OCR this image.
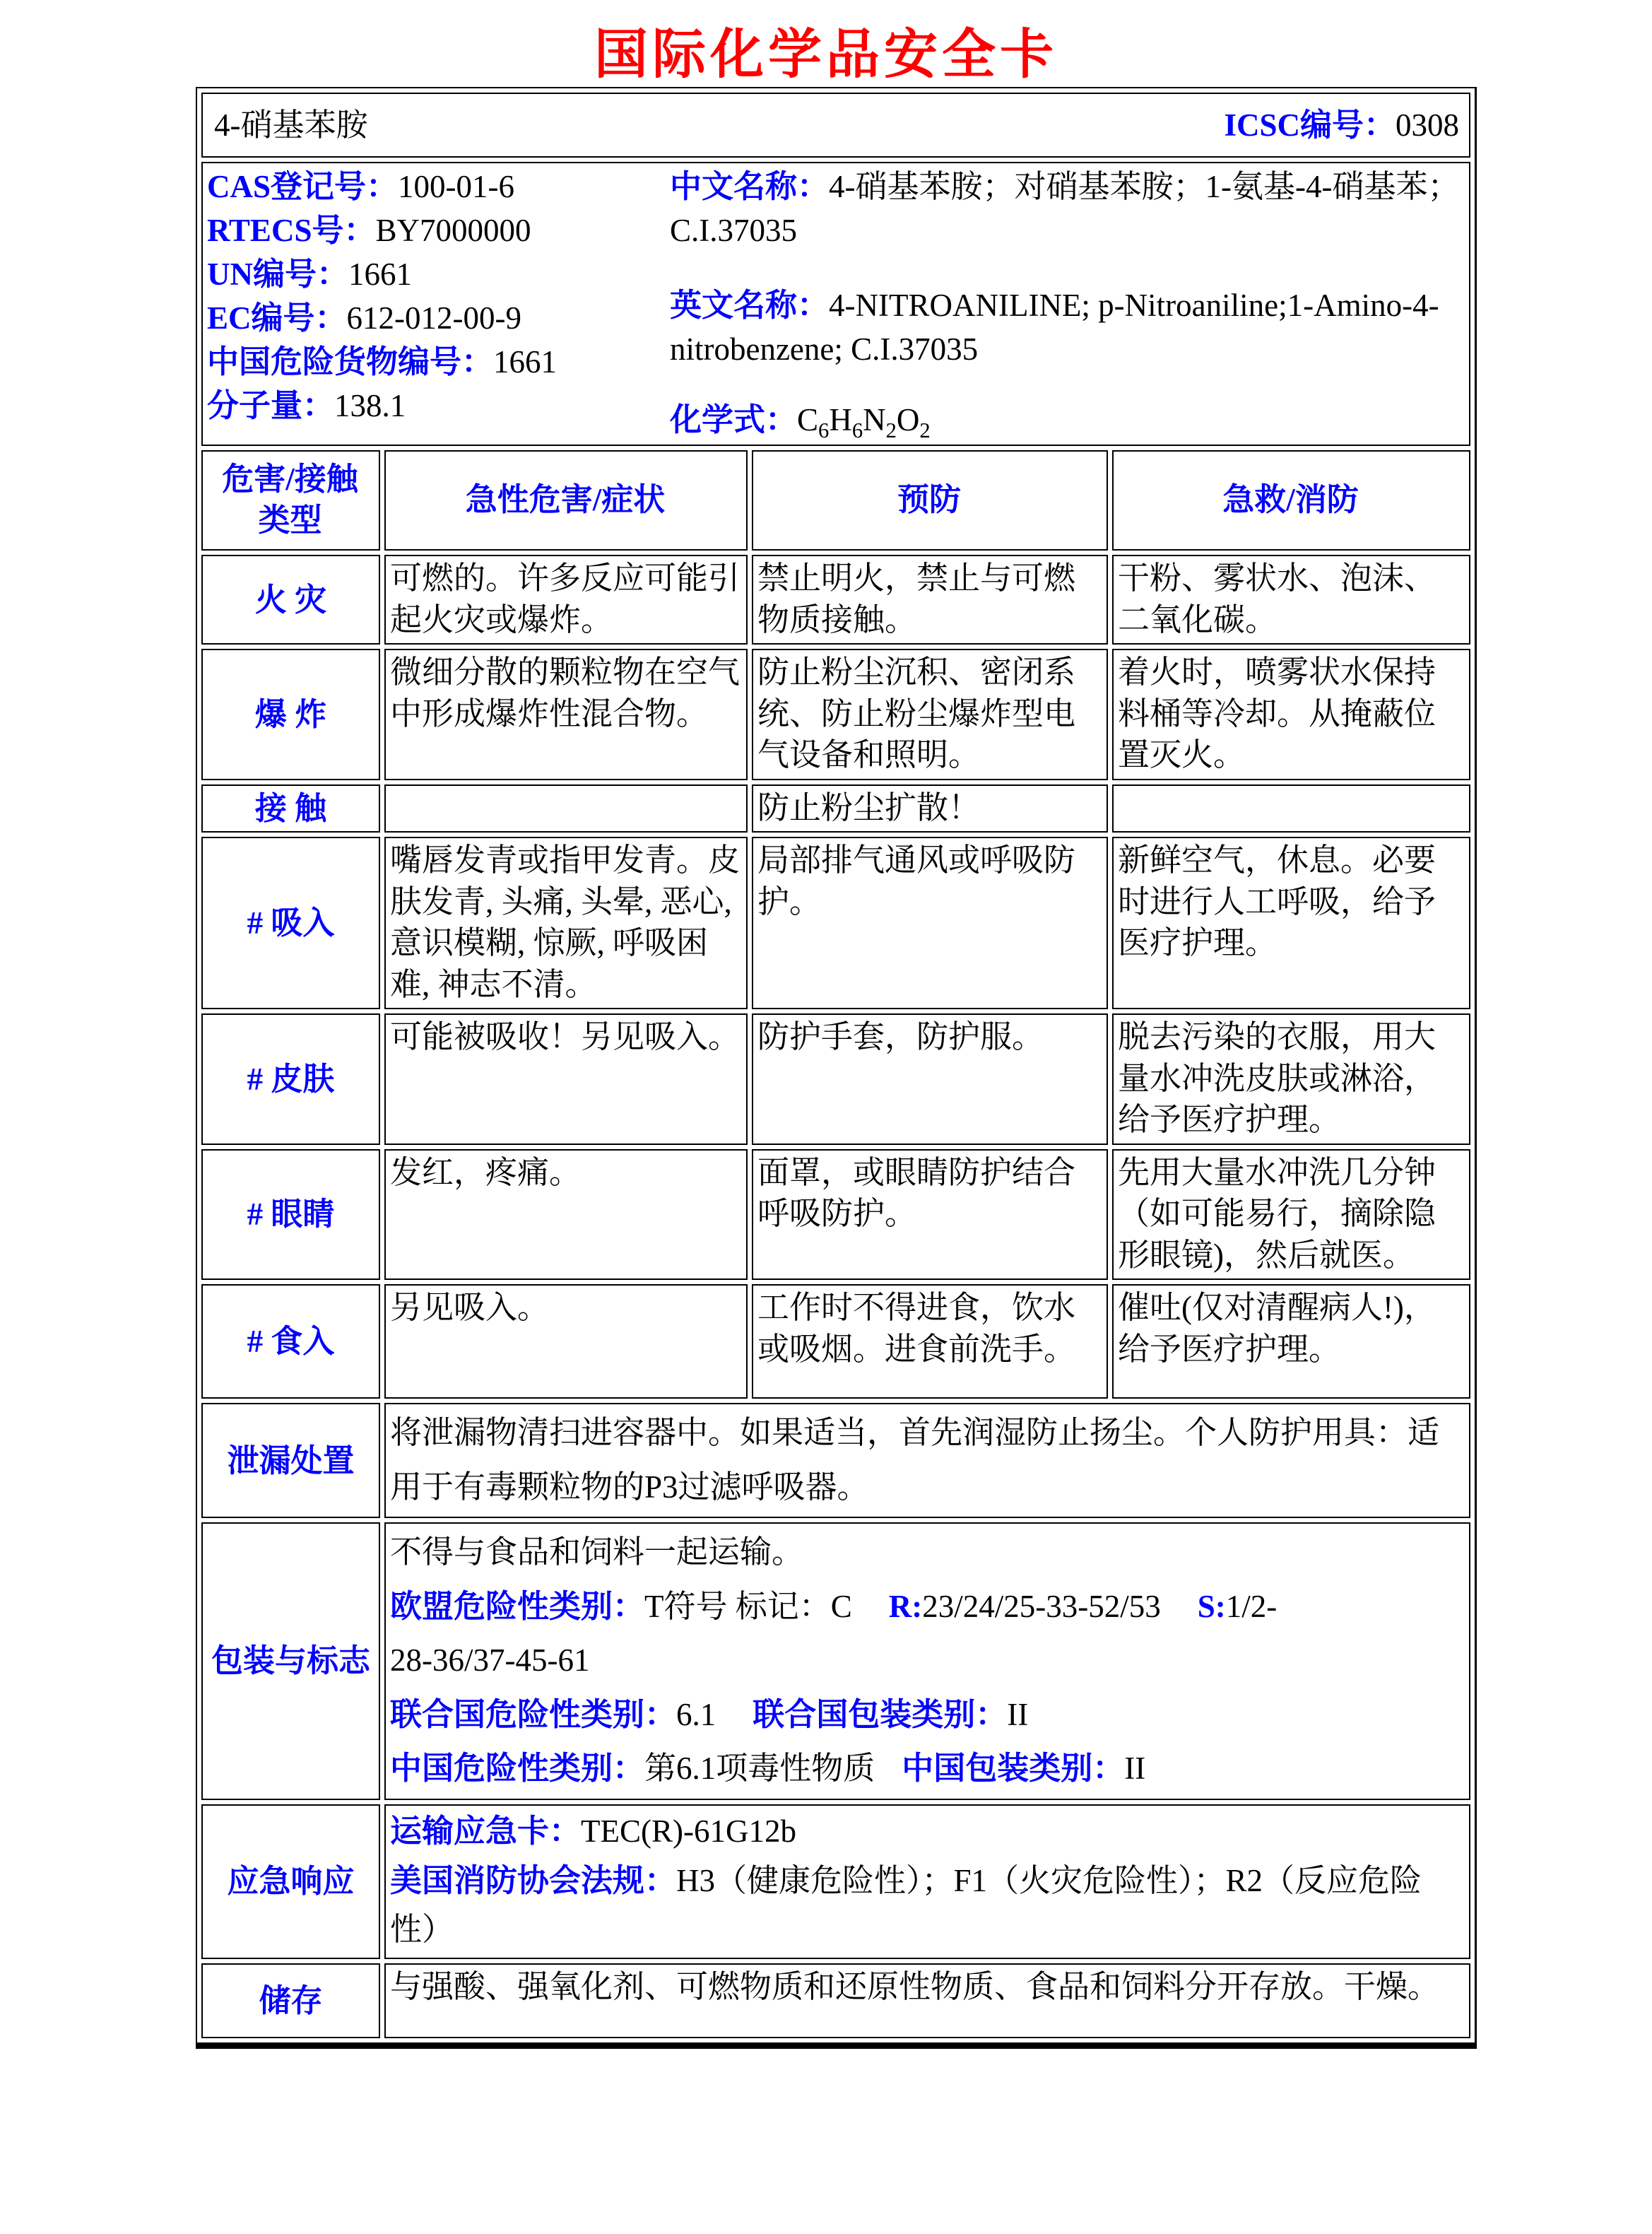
国际化学品安全卡
4-硝基苯胺 ICSC编号：0308			

CAS登记号：100-01-6
RTECS号：BY7000000
UN编号：1661
EC编号：612-012-00-9
中国危险货物编号：1661
分子量：138.1
中文名称：4-硝基苯胺；对硝基苯胺；1-氨基-4-硝基苯；C.I.37035
英文名称：4-NITROANILINE; p-Nitroaniline;1-Amino-4-nitrobenzene; C.I.37035
化学式：$C_6H_6N_2O_2$

危害/接触类型	急性危害/症状	预防	急救/消防
火 灾	可燃的。许多反应可能引起火灾或爆炸。	禁止明火，禁止与可燃物质接触。	干粉、雾状水、泡沫、二氧化碳。
爆 炸	微细分散的颗粒物在空气中形成爆炸性混合物。	防止粉尘沉积、密闭系统、防止粉尘爆炸型电气设备和照明。	着火时，喷雾状水保持料桶等冷却。从掩蔽位置灭火。
接 触		防止粉尘扩散！	
# 吸入	嘴唇发青或指甲发青。皮肤发青, 头痛, 头晕, 恶心, 意识模糊, 惊厥, 呼吸困难, 神志不清。	局部排气通风或呼吸防护。	新鲜空气，休息。必要时进行人工呼吸，给予医疗护理。
# 皮肤	可能被吸收！另见吸入。	防护手套，防护服。	脱去污染的衣服，用大量水冲洗皮肤或淋浴，给予医疗护理。
# 眼睛	发红，疼痛。	面罩，或眼睛防护结合呼吸防护。	先用大量水冲洗几分钟（如可能易行，摘除隐形眼镜)，然后就医。
# 食入	另见吸入。	工作时不得进食，饮水或吸烟。进食前洗手。	催吐(仅对清醒病人!)，给予医疗护理。
泄漏处置	将泄漏物清扫进容器中。如果适当，首先润湿防止扬尘。个人防护用具：适用于有毒颗粒物的P3过滤呼吸器。		
包装与标志	不得与食品和饲料一起运输。
欧盟危险性类别：T符号 标记：C R:23/24/25-33-52/53 S:1/2-
28-36/37-45-61
联合国危险性类别：6.1 联合国包装类别：II
中国危险性类别：第6.1项毒性物质 中国包装类别：II		

应急响应	运输应急卡：TEC(R)-61G12b
美国消防协会法规：H3（健康危险性）；F1（火灾危险性）；R2（反应危险性）		

储存	与强酸、强氧化剂、可燃物质和还原性物质、食品和饲料分开存放。干燥。		
